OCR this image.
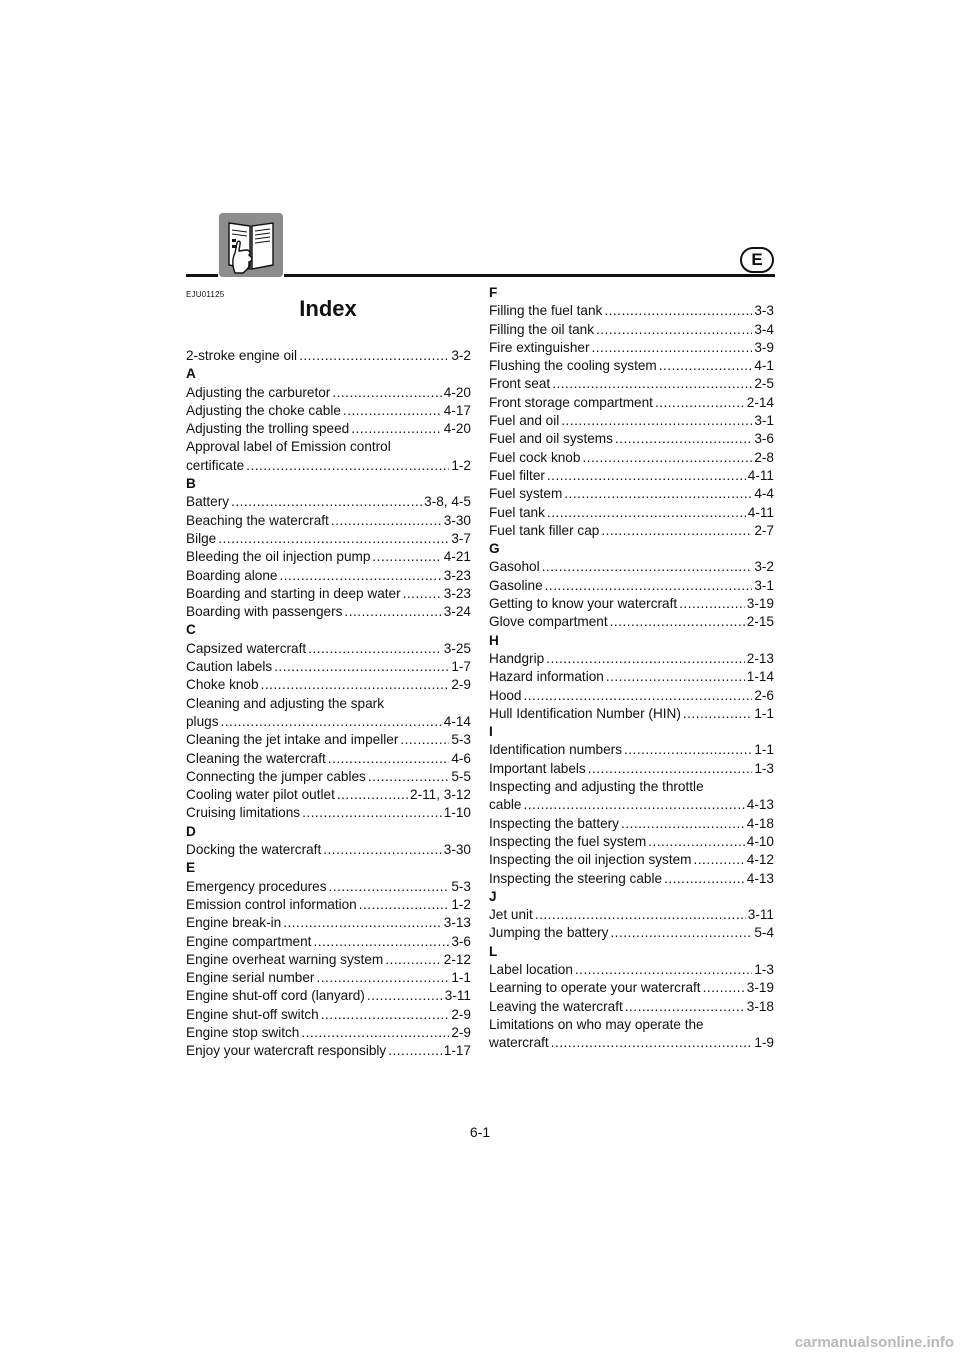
E
EJU01125
Index
2-stroke engine oil .....	3-2
A
Adjusting the carburetor .....	4-20
Adjusting the choke cable .....	4-17
Adjusting the trolling speed .....	4-20
Approval label of Emission control
certificate .....	1-2
B
Battery .....	3-8, 4-5
Beaching the watercraft .....	3-30
Bilge .....	3-7
Bleeding the oil injection pump .....	4-21
Boarding alone .....	3-23
Boarding and starting in deep water .....	3-23
Boarding with passengers .....	3-24
C
Capsized watercraft .....	3-25
Caution labels .....	1-7
Choke knob .....	2-9
Cleaning and adjusting the spark
plugs .....	4-14
Cleaning the jet intake and impeller .....	5-3
Cleaning the watercraft .....	4-6
Connecting the jumper cables .....	5-5
Cooling water pilot outlet .....	2-11, 3-12
Cruising limitations .....	1-10
D
Docking the watercraft .....	3-30
E
Emergency procedures .....	5-3
Emission control information .....	1-2
Engine break-in .....	3-13
Engine compartment .....	3-6
Engine overheat warning system .....	2-12
Engine serial number .....	1-1
Engine shut-off cord (lanyard) .....	3-11
Engine shut-off switch .....	2-9
Engine stop switch .....	2-9
Enjoy your watercraft responsibly .....	1-17
F
Filling the fuel tank .....	3-3
Filling the oil tank .....	3-4
Fire extinguisher .....	3-9
Flushing the cooling system .....	4-1
Front seat .....	2-5
Front storage compartment .....	2-14
Fuel and oil .....	3-1
Fuel and oil systems .....	3-6
Fuel cock knob .....	2-8
Fuel filter .....	4-11
Fuel system .....	4-4
Fuel tank .....	4-11
Fuel tank filler cap .....	2-7
G
Gasohol .....	3-2
Gasoline .....	3-1
Getting to know your watercraft .....	3-19
Glove compartment .....	2-15
H
Handgrip .....	2-13
Hazard information .....	1-14
Hood .....	2-6
Hull Identification Number (HIN) .....	1-1
I
Identification numbers .....	1-1
Important labels .....	1-3
Inspecting and adjusting the throttle
cable .....	4-13
Inspecting the battery .....	4-18
Inspecting the fuel system .....	4-10
Inspecting the oil injection system .....	4-12
Inspecting the steering cable .....	4-13
J
Jet unit .....	3-11
Jumping the battery .....	5-4
L
Label location .....	1-3
Learning to operate your watercraft .....	3-19
Leaving the watercraft .....	3-18
Limitations on who may operate the
watercraft .....	1-9
6-1
carmanualsonline.info
